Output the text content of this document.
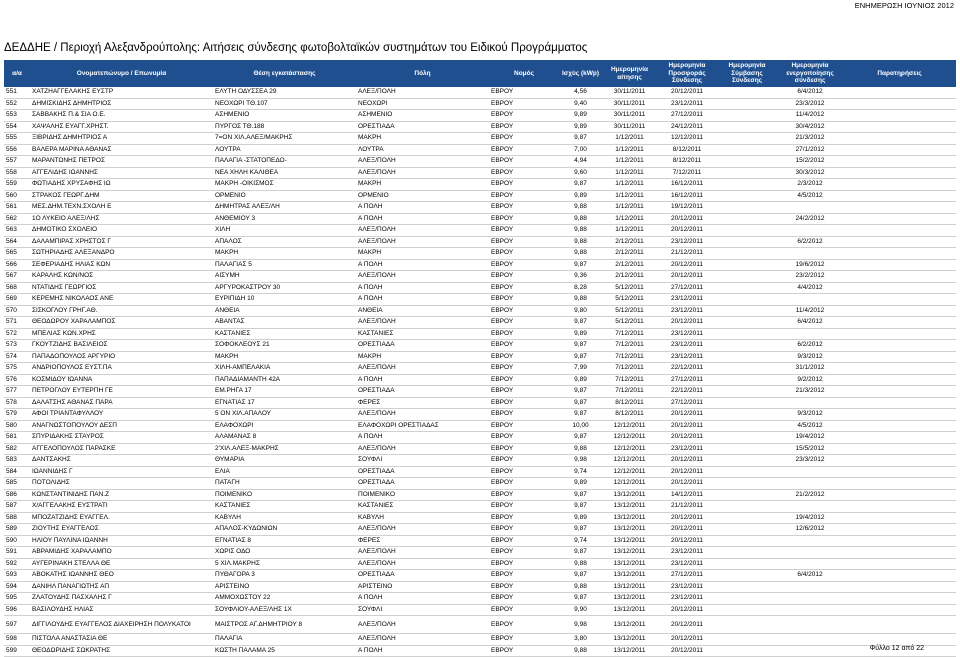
ΕΝΗΜΕΡΩΣΗ ΙΟΥΝΙΟΣ 2012
ΔΕΔΔΗΕ / Περιοχή Αλεξανδρούπολης: Αιτήσεις σύνδεσης φωτοβολταϊκών συστημάτων του Ειδικού Προγράμματος
α/α	Ονοματεπώνυμο / Επωνυμία	Θέση εγκατάστασης	Πόλη	Νομός	Ισχύς (kWp)	Ημερομηνία αίτησης	Ημερομηνία Προσφοράς Σύνδεσης	Ημερομηνία Σύμβασης Σύνδεσης	Ημερομηνία ενεργοποίησης σύνδεσης	Παρατηρήσεις
551	ΧΑΤΖΗΑΓΓΕΛΑΚΗΣ ΕΥΣΤΡ	ΕΛΥΤΗ ΟΔΥΣΣΕΑ 29	ΑΛΕΞ/ΠΟΛΗ	ΕΒΡΟΥ	4,56	30/11/2011	20/12/2011		6/4/2012	
552	ΔΗΜΙΣΚΙΔΗΣ ΔΗΜΗΤΡΙΟΣ	ΝΕΟΧΩΡΙ ΤΘ.107	ΝΕΟΧΩΡΙ	ΕΒΡΟΥ	9,40	30/11/2011	23/12/2011		23/3/2012	
553	ΣΑΒΒΑΚΗΣ Π.& ΣΙΑ Ο.Ε.	ΑΣΗΜΕΝΙΟ	ΑΣΗΜΕΝΙΟ	ΕΒΡΟΥ	9,89	30/11/2011	27/12/2011		11/4/2012	
554	ΧΑΨΑΛΗΣ ΕΥΑΓΓ.ΧΡΗΣΤ.	ΠΥΡΓΟΣ ΤΘ.188	ΟΡΕΣΤΙΑΔΑ	ΕΒΡΟΥ	9,89	30/11/2011	24/12/2011		30/4/2012	
555	ΞΙΒΡΙΔΗΣ ΔΗΜΗΤΡΙΟΣ Α	7=ΟΝ ΧΙΛ.ΑΛΕΞ/ΜΑΚΡΗΣ	ΜΑΚΡΗ	ΕΒΡΟΥ	9,87	1/12/2011	12/12/2011		21/3/2012	
556	ΒΑΛΕΡΑ ΜΑΡΙΝΑ ΑΘΑΝΑΣ	ΛΟΥΤΡΑ	ΛΟΥΤΡΑ	ΕΒΡΟΥ	7,00	1/12/2011	8/12/2011		27/1/2012	
557	ΜΑΡΑΝΤΩΝΗΣ ΠΕΤΡΟΣ	ΠΑΛΑΓΙΑ -ΣΤΑΤΟΠΕΔΟ-	ΑΛΕΞ/ΠΟΛΗ	ΕΒΡΟΥ	4,94	1/12/2011	8/12/2011		15/2/2012	
558	ΑΓΓΕΛΙΔΗΣ ΙΩΑΝΝΗΣ	ΝΕΑ ΧΗΛΗ ΚΑΛΙΘΕΑ	ΑΛΕΞ/ΠΟΛΗ	ΕΒΡΟΥ	9,60	1/12/2011	7/12/2011		30/3/2012	
559	ΦΩΤΙΑΔΗΣ ΧΡΥΣΑΦΗΣ ΙΩ	ΜΑΚΡΗ -ΟΙΚΙΣΜΟΣ	ΜΑΚΡΗ	ΕΒΡΟΥ	9,87	1/12/2011	16/12/2011		2/3/2012	
560	ΣΤΡΑΚΟΣ ΓΕΩΡΓ.ΔΗΜ	ΟΡΜΕΝΙΟ	ΟΡΜΕΝΙΟ	ΕΒΡΟΥ	9,89	1/12/2011	16/12/2011		4/5/2012	
561	ΜΕΣ.ΔΗΜ.ΤΕΧΝ.ΣΧΟΛΗ Ε	ΔΗΜΗΤΡΑΣ ΑΛΕΞ/ΛΗ	Α ΠΟΛΗ	ΕΒΡΟΥ	9,88	1/12/2011	19/12/2011			
562	1Ο ΛΥΚΕΙΟ ΑΛΕΞ/ΛΗΣ	ΑΝΘΕΜΙΟΥ 3	Α ΠΟΛΗ	ΕΒΡΟΥ	9,88	1/12/2011	20/12/2011		24/2/2012	
563	ΔΗΜΟΤΙΚΟ ΣΧΟΛΕΙΟ	ΧΙΛΗ	ΑΛΕΞ/ΠΟΛΗ	ΕΒΡΟΥ	9,88	1/12/2011	20/12/2011			
564	ΔΑΛΑΜΠΙΡΑΣ ΧΡΗΣΤΟΣ Γ	ΑΠΑΛΟΣ	ΑΛΕΞ/ΠΟΛΗ	ΕΒΡΟΥ	9,88	2/12/2011	23/12/2011		6/2/2012	
565	ΣΩΤΗΡΙΑΔΗΣ ΑΛΕΞΑΝΔΡΟ	ΜΑΚΡΗ	ΜΑΚΡΗ	ΕΒΡΟΥ	9,88	2/12/2011	21/12/2011			
566	ΣΕΦΕΡΙΑΔΗΣ ΗΛΙΑΣ ΚΩΝ	ΠΑΛΑΓΙΑΣ 5	Α ΠΟΛΗ	ΕΒΡΟΥ	9,87	2/12/2011	20/12/2011		19/6/2012	
567	ΚΑΡΑΛΗΣ ΚΩΝ/ΝΟΣ	ΑΙΣΥΜΗ	ΑΛΕΞ/ΠΟΛΗ	ΕΒΡΟΥ	9,36	2/12/2011	20/12/2011		23/2/2012	
568	ΝΤΑΤΙΔΗΣ ΓΕΩΡΓΙΟΣ	ΑΡΓΥΡΟΚΑΣΤΡΟΥ 30	Α ΠΟΛΗ	ΕΒΡΟΥ	8,28	5/12/2011	27/12/2011		4/4/2012	
569	ΚΕΡΕΜΗΣ ΝΙΚΟΛΑΟΣ ΑΝΕ	ΕΥΡΙΠΙΔΗ 10	Α ΠΟΛΗ	ΕΒΡΟΥ	9,88	5/12/2011	23/12/2011			
570	ΣΙΣΚΟΓΛΟΥ ΓΡΗΓ.ΑΘ.	ΑΝΘΕΙΑ	ΑΝΘΕΙΑ	ΕΒΡΟΥ	9,80	5/12/2011	23/12/2011		11/4/2012	
571	ΘΕΟΔΩΡΟΥ ΧΑΡΑΛΑΜΠΟΣ	ΑΒΑΝΤΑΣ	ΑΛΕΞ/ΠΟΛΗ	ΕΒΡΟΥ	9,87	5/12/2011	20/12/2011		6/4/2012	
572	ΜΠΕΛΙΑΣ ΚΩΝ.ΧΡΗΣ	ΚΑΣΤΑΝΙΕΣ	ΚΑΣΤΑΝΙΕΣ	ΕΒΡΟΥ	9,89	7/12/2011	23/12/2011			
573	ΓΚΟΥΤΖΙΔΗΣ ΒΑΣΙΛΕΙΟΣ	ΣΟΦΟΚΛΕΟΥΣ 21	ΟΡΕΣΤΙΑΔΑ	ΕΒΡΟΥ	9,87	7/12/2011	23/12/2011		6/2/2012	
574	ΠΑΠΑΔΟΠΟΥΛΟΣ ΑΡΓΥΡΙΟ	ΜΑΚΡΗ	ΜΑΚΡΗ	ΕΒΡΟΥ	9,87	7/12/2011	23/12/2011		9/3/2012	
575	ΑΝΔΡΙΟΠΟΥΛΟΣ ΕΥΣΤ.ΠΑ	ΧΙΛΗ-ΑΜΠΕΛΑΚΙΑ	ΑΛΕΞ/ΠΟΛΗ	ΕΒΡΟΥ	7,99	7/12/2011	22/12/2011		31/1/2012	
576	ΚΟΣΜΙΔΟΥ ΙΩΑΝΝΑ	ΠΑΠΑΔΙΑΜΑΝΤΗ 42Α	Α ΠΟΛΗ	ΕΒΡΟΥ	9,89	7/12/2011	27/12/2011		9/2/2012	
577	ΠΕΤΡΟΓΛΟΥ ΕΥΤΕΡΠΗ ΓΕ	ΕΜ.ΡΗΓΑ 17	ΟΡΕΣΤΙΑΔΑ	ΕΒΡΟΥ	9,87	7/12/2011	22/12/2011		21/3/2012	
578	ΔΑΛΑΤΣΗΣ ΑΘΑΝΑΣ ΠΑΡΑ	ΕΓΝΑΤΙΑΣ 17	ΦΕΡΕΣ	ΕΒΡΟΥ	9,87	8/12/2011	27/12/2011			
579	ΑΦΟΙ ΤΡΙΑΝΤΑΦΥΛΛΟΥ	5 ΟΝ ΧΙΛ.ΑΠΑΛΟΥ	ΑΛΕΞ/ΠΟΛΗ	ΕΒΡΟΥ	9,87	8/12/2011	20/12/2011		9/3/2012	
580	ΑΝΑΓΝΩΣΤΟΠΟΥΛΟΥ ΔΕΣΠ	ΕΛΑΦΟΧΩΡΙ	ΕΛΑΦΟΧΩΡΙ ΟΡΕΣΤΙΑΔΑΣ	ΕΒΡΟΥ	10,00	12/12/2011	20/12/2011		4/5/2012	
581	ΣΠΥΡΙΔΑΚΗΣ ΣΤΑΥΡΟΣ	ΑΛΑΜΑΝΑΣ 8	Α ΠΟΛΗ	ΕΒΡΟΥ	9,87	12/12/2011	20/12/2011		19/4/2012	
582	ΑΓΓΕΛΟΠΟΥΛΟΣ ΠΑΡΑΣΚΕ	2'ΧΙΛ.ΑΛΕΞ-ΜΑΚΡΗΣ	ΑΛΕΞ/ΠΟΛΗ	ΕΒΡΟΥ	9,88	12/12/2011	23/12/2011		15/5/2012	
583	ΔΑΝΤΣΑΚΗΣ	ΘΥΜΑΡΙΑ	ΣΟΥΦΛΙ	ΕΒΡΟΥ	9,98	12/12/2011	20/12/2011		23/3/2012	
584	ΙΩΑΝΝΙΔΗΣ Γ	ΕΛΙΑ	ΟΡΕΣΤΙΑΔΑ	ΕΒΡΟΥ	9,74	12/12/2011	20/12/2011			
585	ΠΟΤΟΛΙΔΗΣ	ΠΑΤΑΓΗ	ΟΡΕΣΤΙΑΔΑ	ΕΒΡΟΥ	9,89	12/12/2011	20/12/2011			
586	ΚΩΝΣΤΑΝΤΙΝΙΔΗΣ ΠΑΝ.Ζ	ΠΟΙΜΕΝΙΚΟ	ΠΟΙΜΕΝΙΚΟ	ΕΒΡΟΥ	9,87	13/12/2011	14/12/2011		21/2/2012	
587	Χ/ΑΓΓΕΛΑΚΗΣ ΕΥΣΤΡΑΤΙ	ΚΑΣΤΑΝΙΕΣ	ΚΑΣΤΑΝΙΕΣ	ΕΒΡΟΥ	9,87	13/12/2011	21/12/2011			
588	ΜΠΟΖΑΤΖΙΔΗΣ ΕΥΑΓΓΕΛ.	ΚΑΒΥΛΗ	ΚΑΒΥΛΗ	ΕΒΡΟΥ	9,89	13/12/2011	20/12/2011		19/4/2012	
589	ΖΙΟΥΤΗΣ ΕΥΑΓΓΕΛΟΣ	ΑΠΑΛΟΣ-ΚΥΔΩΝΙΩΝ	ΑΛΕΞ/ΠΟΛΗ	ΕΒΡΟΥ	9,87	13/12/2011	20/12/2011		12/6/2012	
590	ΗΛΙΟΥ ΠΑΥΛΙΝΑ ΙΩΑΝΝΗ	ΕΓΝΑΤΙΑΣ 8	ΦΕΡΕΣ	ΕΒΡΟΥ	9,74	13/12/2011	20/12/2011			
591	ΑΒΡΑΜΙΔΗΣ ΧΑΡΑΛΑΜΠΟ	ΧΩΡΙΣ ΟΔΟ	ΑΛΕΞ/ΠΟΛΗ	ΕΒΡΟΥ	9,87	13/12/2011	23/12/2011			
592	ΑΥΓΕΡΙΝΑΚΗ ΣΤΕΛΛΑ ΘΕ	5 ΧΙΛ.ΜΑΚΡΗΣ	ΑΛΕΞ/ΠΟΛΗ	ΕΒΡΟΥ	9,88	13/12/2011	23/12/2011			
593	ΑΒΟΚΑΤΗΣ ΙΩΑΝΝΗΣ ΘΕΟ	ΠΥΘΑΓΟΡΑ 3	ΟΡΕΣΤΙΑΔΑ	ΕΒΡΟΥ	9,87	13/12/2011	27/12/2011		6/4/2012	
594	ΔΑΝΙΗΛ ΠΑΝΑΓΙΩΤΗΣ ΑΠ	ΑΡΙΣΤΕΙΝΟ	ΑΡΙΣΤΕΙΝΟ	ΕΒΡΟΥ	9,88	13/12/2011	23/12/2011			
595	ΖΛΑΤΟΥΔΗΣ ΠΑΣΧΑΛΗΣ Γ	ΑΜΜΟΧΩΣΤΟΥ 22	Α ΠΟΛΗ	ΕΒΡΟΥ	9,87	13/12/2011	23/12/2011			
596	ΒΑΣΙΛΟΥΔΗΣ ΗΛΙΑΣ	ΣΟΥΦΛΙΟΥ-ΑΛΕΞ/ΛΗΣ 1Χ	ΣΟΥΦΛΙ	ΕΒΡΟΥ	9,90	13/12/2011	20/12/2011			
597	ΔΙΓΓΙΛΟΥΔΗΣ ΕΥΑΓΓΕΛΟΣ ΔΙΑΧΕΙΡΗΣΗ ΠΟΛΥΚΑΤΟΙ	ΜΑΙΣΤΡΟΣ ΑΓ.ΔΗΜΗΤΡΙΟΥ 8	ΑΛΕΞ/ΠΟΛΗ	ΕΒΡΟΥ	9,98	13/12/2011	20/12/2011			
598	ΠΙΣΤΟΛΑ ΑΝΑΣΤΑΣΙΑ ΘΕ	ΠΑΛΑΓΙΑ	ΑΛΕΞ/ΠΟΛΗ	ΕΒΡΟΥ	3,80	13/12/2011	20/12/2011			
599	ΘΕΟΔΩΡΙΔΗΣ ΣΩΚΡΑΤΗΣ	ΚΩΣΤΗ ΠΑΛΑΜΑ 25	Α ΠΟΛΗ	ΕΒΡΟΥ	9,88	13/12/2011	20/12/2011				Φύλλο 12 από 22
